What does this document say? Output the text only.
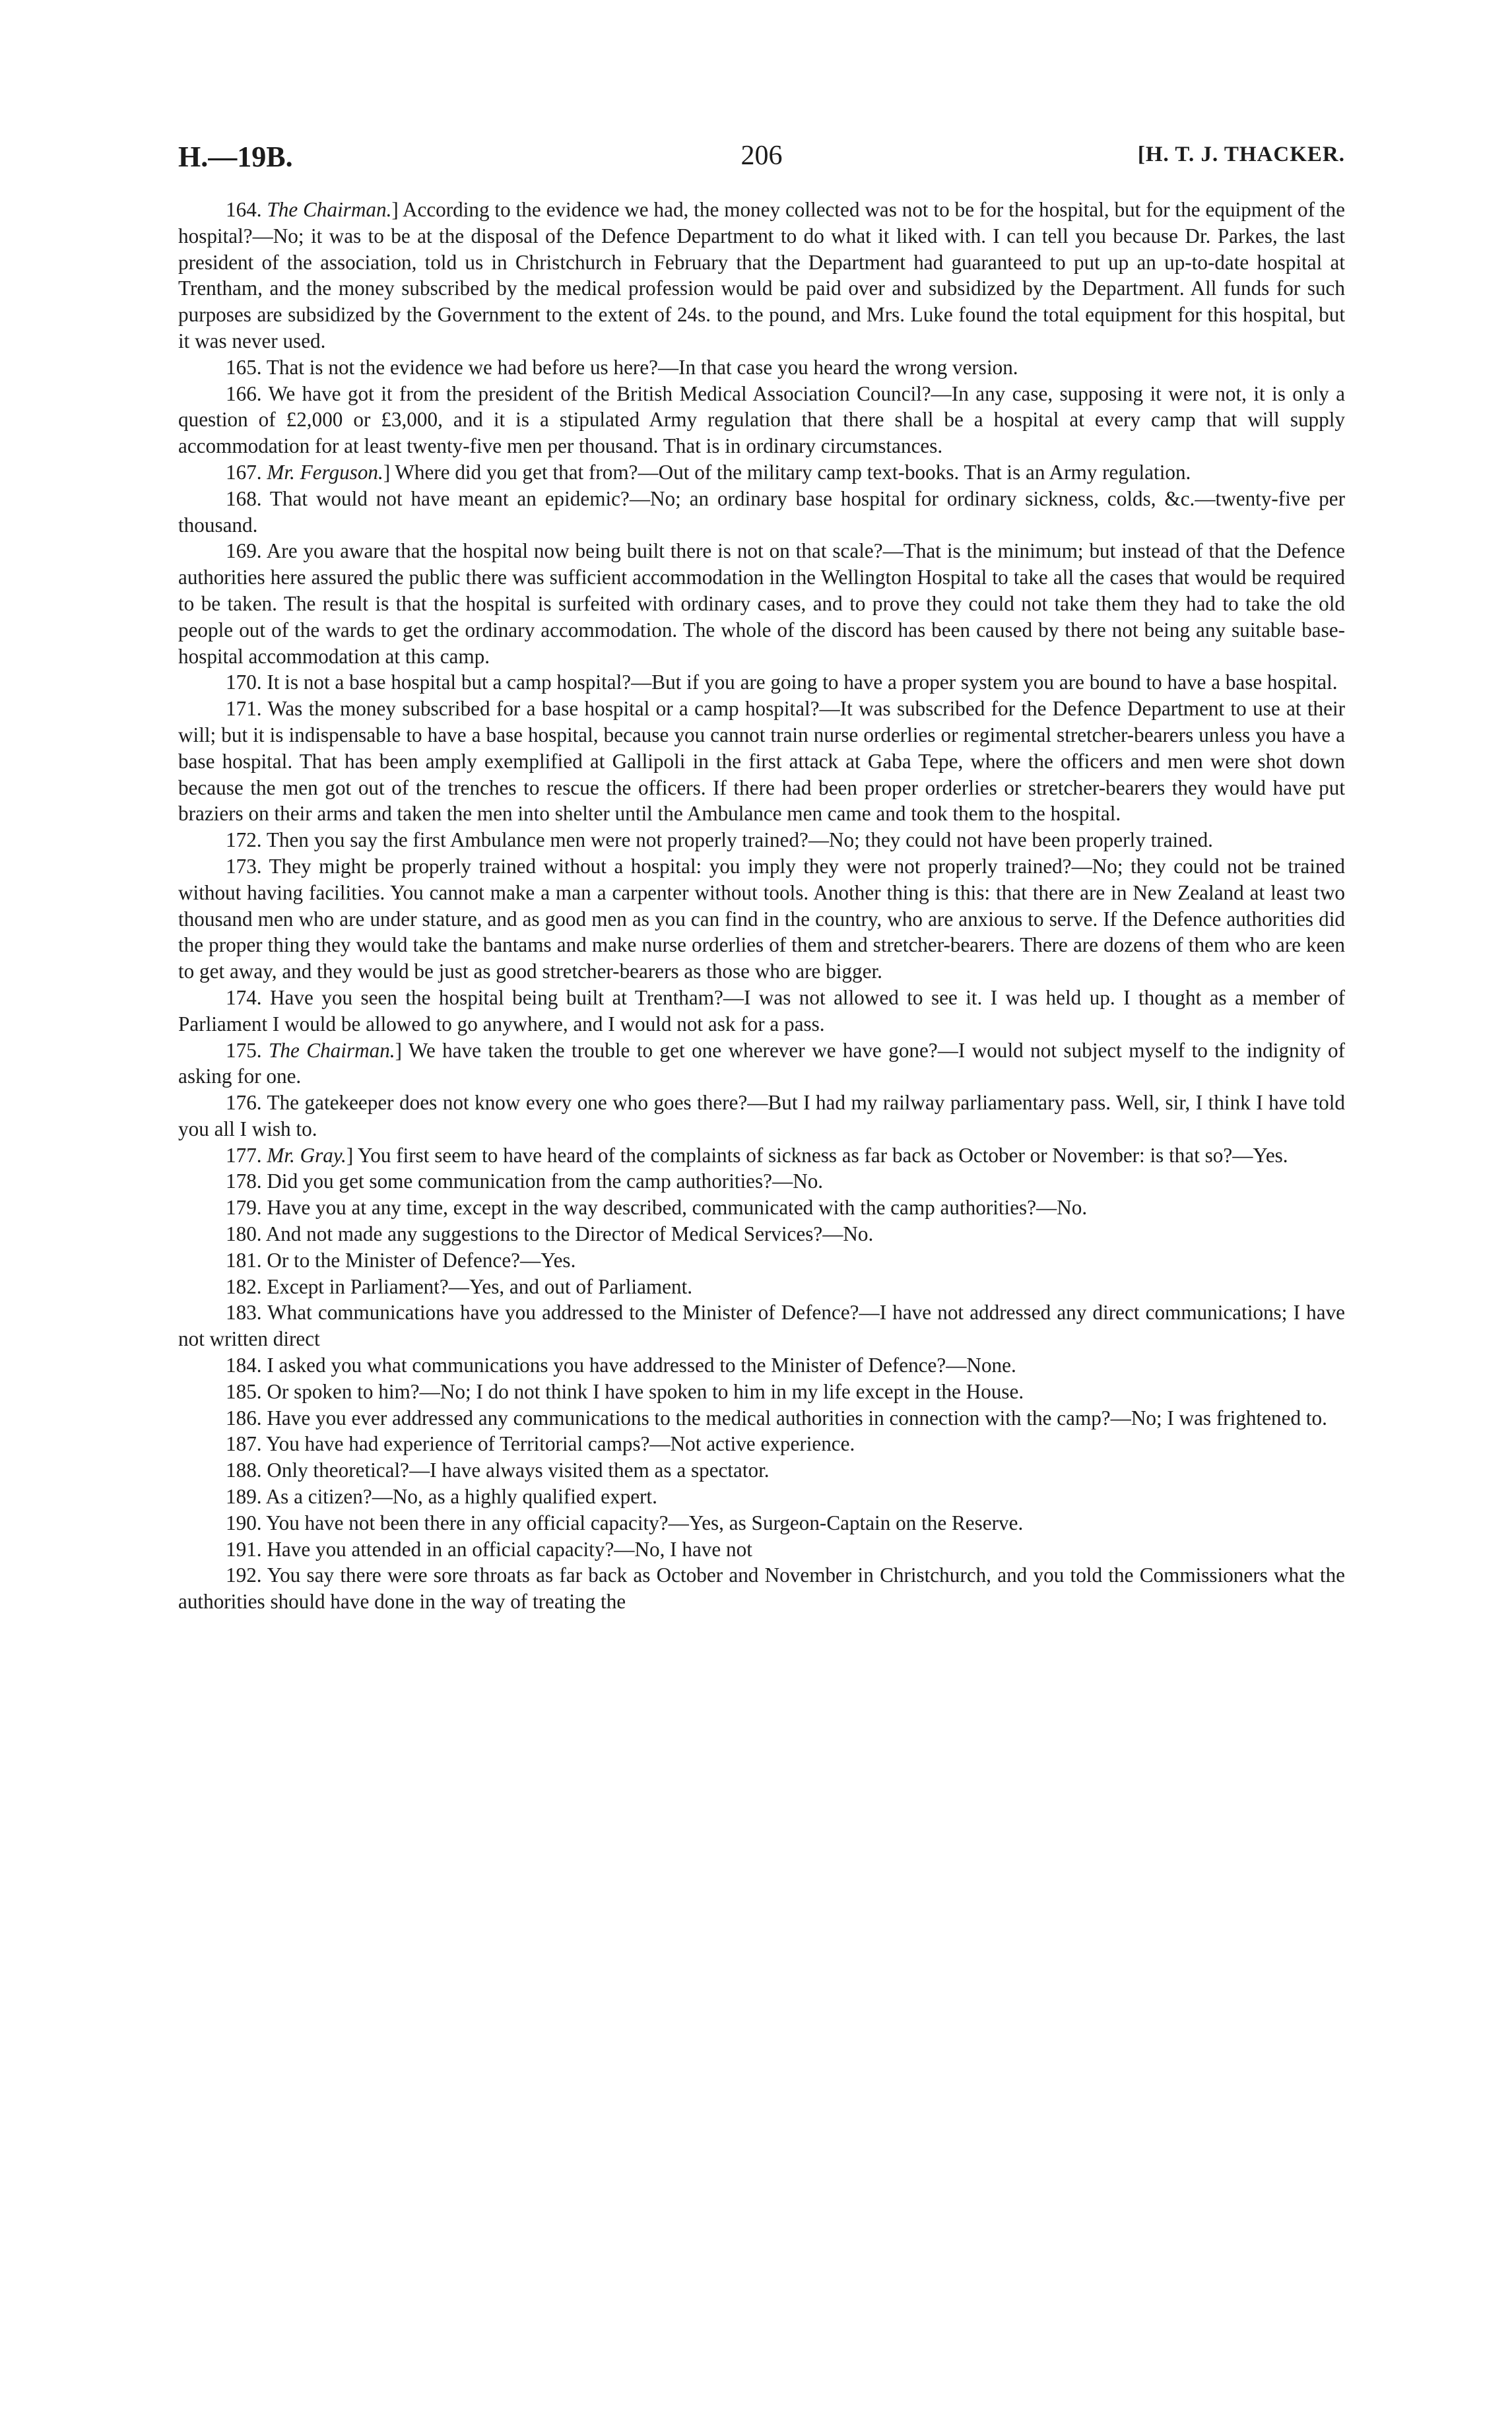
H.—19B.	206	[H. T. J. THACKER.

164. The Chairman.] According to the evidence we had, the money collected was not to be for the hospital, but for the equipment of the hospital?—No; it was to be at the disposal of the Defence Department to do what it liked with. I can tell you because Dr. Parkes, the last president of the association, told us in Christchurch in February that the Department had guaranteed to put up an up-to-date hospital at Trentham, and the money subscribed by the medical profession would be paid over and subsidized by the Department. All funds for such purposes are subsidized by the Government to the extent of 24s. to the pound, and Mrs. Luke found the total equipment for this hospital, but it was never used.

165. That is not the evidence we had before us here?—In that case you heard the wrong version.

166. We have got it from the president of the British Medical Association Council?—In any case, supposing it were not, it is only a question of £2,000 or £3,000, and it is a stipulated Army regulation that there shall be a hospital at every camp that will supply accommodation for at least twenty-five men per thousand. That is in ordinary circumstances.

167. Mr. Ferguson.] Where did you get that from?—Out of the military camp text-books. That is an Army regulation.

168. That would not have meant an epidemic?—No; an ordinary base hospital for ordinary sickness, colds, &c.—twenty-five per thousand.

169. Are you aware that the hospital now being built there is not on that scale?—That is the minimum; but instead of that the Defence authorities here assured the public there was sufficient accommodation in the Wellington Hospital to take all the cases that would be required to be taken. The result is that the hospital is surfeited with ordinary cases, and to prove they could not take them they had to take the old people out of the wards to get the ordinary accommodation. The whole of the discord has been caused by there not being any suitable base-hospital accommodation at this camp.

170. It is not a base hospital but a camp hospital?—But if you are going to have a proper system you are bound to have a base hospital.

171. Was the money subscribed for a base hospital or a camp hospital?—It was subscribed for the Defence Department to use at their will; but it is indispensable to have a base hospital, because you cannot train nurse orderlies or regimental stretcher-bearers unless you have a base hospital. That has been amply exemplified at Gallipoli in the first attack at Gaba Tepe, where the officers and men were shot down because the men got out of the trenches to rescue the officers. If there had been proper orderlies or stretcher-bearers they would have put braziers on their arms and taken the men into shelter until the Ambulance men came and took them to the hospital.

172. Then you say the first Ambulance men were not properly trained?—No; they could not have been properly trained.

173. They might be properly trained without a hospital: you imply they were not properly trained?—No; they could not be trained without having facilities. You cannot make a man a carpenter without tools. Another thing is this: that there are in New Zealand at least two thousand men who are under stature, and as good men as you can find in the country, who are anxious to serve. If the Defence authorities did the proper thing they would take the bantams and make nurse orderlies of them and stretcher-bearers. There are dozens of them who are keen to get away, and they would be just as good stretcher-bearers as those who are bigger.

174. Have you seen the hospital being built at Trentham?—I was not allowed to see it. I was held up. I thought as a member of Parliament I would be allowed to go anywhere, and I would not ask for a pass.

175. The Chairman.] We have taken the trouble to get one wherever we have gone?—I would not subject myself to the indignity of asking for one.

176. The gatekeeper does not know every one who goes there?—But I had my railway parliamentary pass. Well, sir, I think I have told you all I wish to.

177. Mr. Gray.] You first seem to have heard of the complaints of sickness as far back as October or November: is that so?—Yes.

178. Did you get some communication from the camp authorities?—No.

179. Have you at any time, except in the way described, communicated with the camp authorities?—No.

180. And not made any suggestions to the Director of Medical Services?—No.

181. Or to the Minister of Defence?—Yes.

182. Except in Parliament?—Yes, and out of Parliament.

183. What communications have you addressed to the Minister of Defence?—I have not addressed any direct communications; I have not written direct

184. I asked you what communications you have addressed to the Minister of Defence?—None.

185. Or spoken to him?—No; I do not think I have spoken to him in my life except in the House.

186. Have you ever addressed any communications to the medical authorities in connection with the camp?—No; I was frightened to.

187. You have had experience of Territorial camps?—Not active experience.

188. Only theoretical?—I have always visited them as a spectator.

189. As a citizen?—No, as a highly qualified expert.

190. You have not been there in any official capacity?—Yes, as Surgeon-Captain on the Reserve.

191. Have you attended in an official capacity?—No, I have not

192. You say there were sore throats as far back as October and November in Christchurch, and you told the Commissioners what the authorities should have done in the way of treating the
